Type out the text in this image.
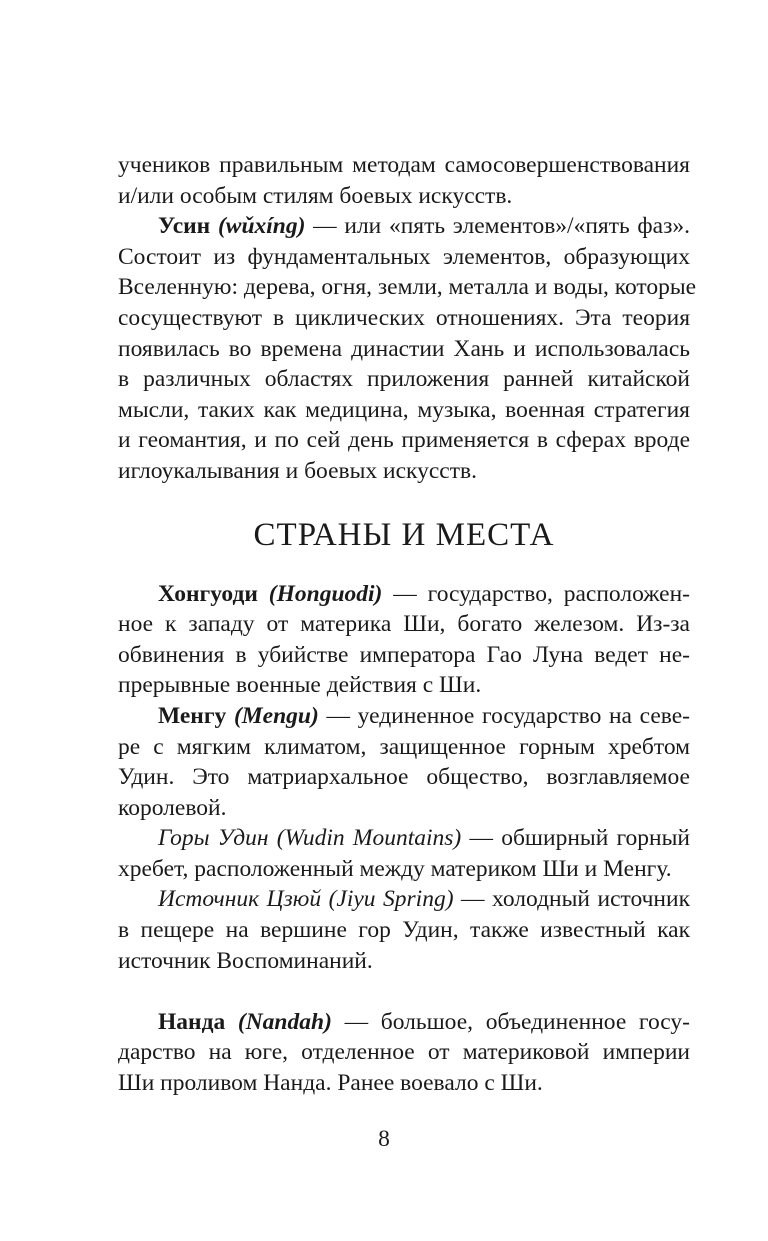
учеников правильным методам самосовершенствования
и/или особым стилям боевых искусств.
Усин (wǔxíng) — или «пять элементов»/«пять фаз».
Состоит из фундаментальных элементов, образующих
Вселенную: дерева, огня, земли, металла и воды, которые
сосуществуют в циклических отношениях. Эта теория
появилась во времена династии Хань и использовалась
в различных областях приложения ранней китайской
мысли, таких как медицина, музыка, военная стратегия
и геомантия, и по сей день применяется в сферах вроде
иглоукалывания и боевых искусств.
СТРАНЫ И МЕСТА
Хонгуоди (Honguodi) — государство, расположен-
ное к западу от материка Ши, богато железом. Из-за
обвинения в убийстве императора Гао Луна ведет не-
прерывные военные действия с Ши.
Менгу (Mengu) — уединенное государство на севе-
ре с мягким климатом, защищенное горным хребтом
Удин. Это матриархальное общество, возглавляемое
королевой.
Горы Удин (Wudin Mountains) — обширный горный
хребет, расположенный между материком Ши и Менгу.
Источник Цзюй (Jiyu Spring) — холодный источник
в пещере на вершине гор Удин, также известный как
источник Воспоминаний.
Нанда (Nandah) — большое, объединенное госу-
дарство на юге, отделенное от материковой империи
Ши проливом Нанда. Ранее воевало с Ши.
8
